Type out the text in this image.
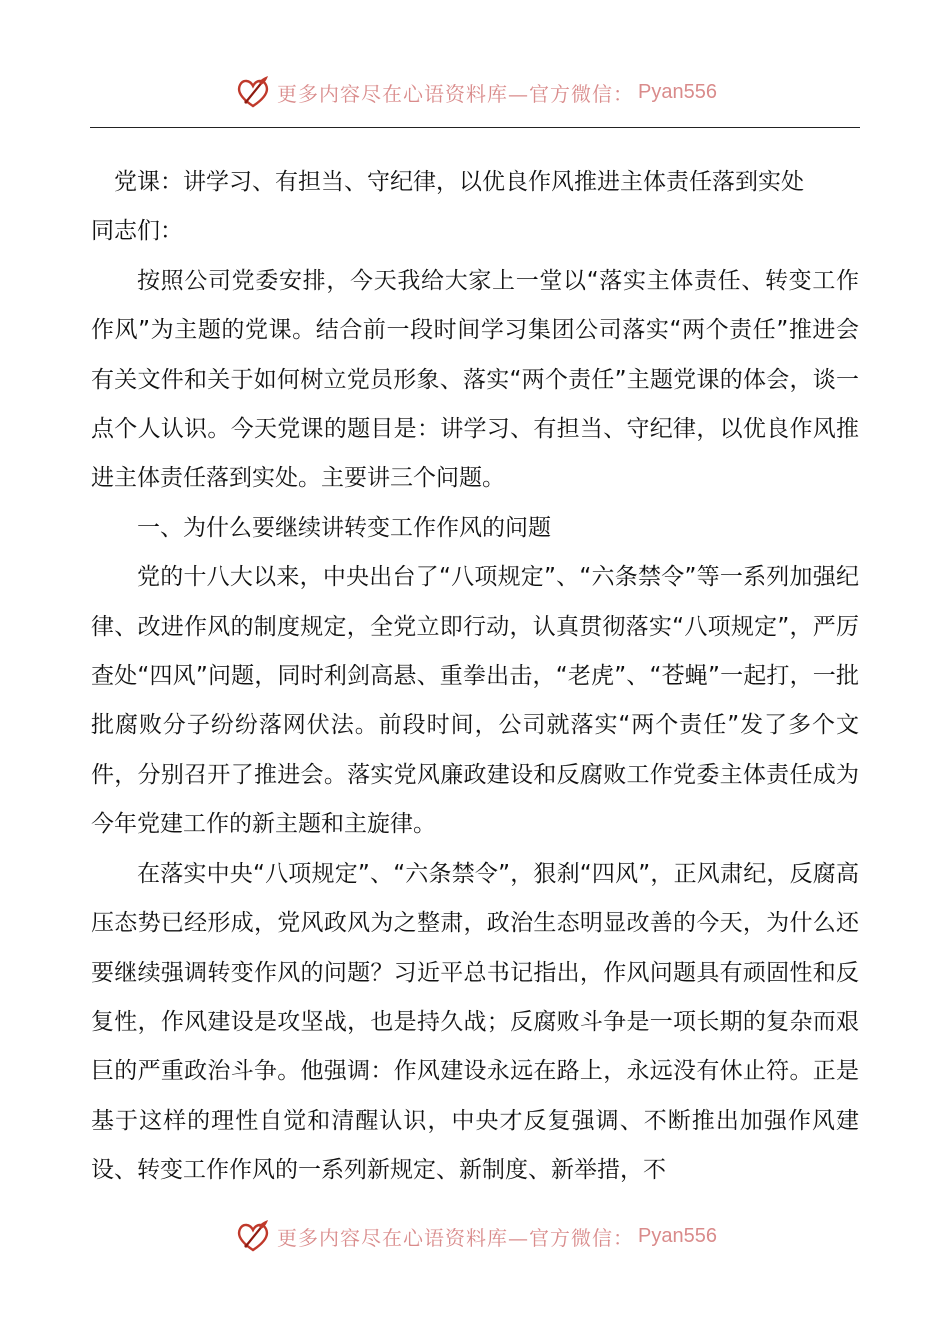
更多内容尽在心语资料库—官方微信： Pyan556

党课：讲学习、有担当、守纪律，以优良作风推进主体责任落到实处

同志们：

按照公司党委安排，今天我给大家上一堂以“落实主体责任、转变工作作风”为主题的党课。结合前一段时间学习集团公司落实“两个责任”推进会有关文件和关于如何树立党员形象、落实“两个责任”主题党课的体会，谈一点个人认识。今天党课的题目是：讲学习、有担当、守纪律，以优良作风推进主体责任落到实处。主要讲三个问题。

一、为什么要继续讲转变工作作风的问题

党的十八大以来，中央出台了“八项规定”、“六条禁令”等一系列加强纪律、改进作风的制度规定，全党立即行动，认真贯彻落实“八项规定”，严厉查处“四风”问题，同时利剑高悬、重拳出击，“老虎”、“苍蝇”一起打，一批批腐败分子纷纷落网伏法。前段时间，公司就落实“两个责任”发了多个文件，分别召开了推进会。落实党风廉政建设和反腐败工作党委主体责任成为今年党建工作的新主题和主旋律。

在落实中央“八项规定”、“六条禁令”，狠刹“四风”，正风肃纪，反腐高压态势已经形成，党风政风为之整肃，政治生态明显改善的今天，为什么还要继续强调转变作风的问题？习近平总书记指出，作风问题具有顽固性和反复性，作风建设是攻坚战，也是持久战；反腐败斗争是一项长期的复杂而艰巨的严重政治斗争。他强调：作风建设永远在路上，永远没有休止符。正是基于这样的理性自觉和清醒认识，中央才反复强调、不断推出加强作风建设、转变工作作风的一系列新规定、新制度、新举措，不

更多内容尽在心语资料库—官方微信： Pyan556
